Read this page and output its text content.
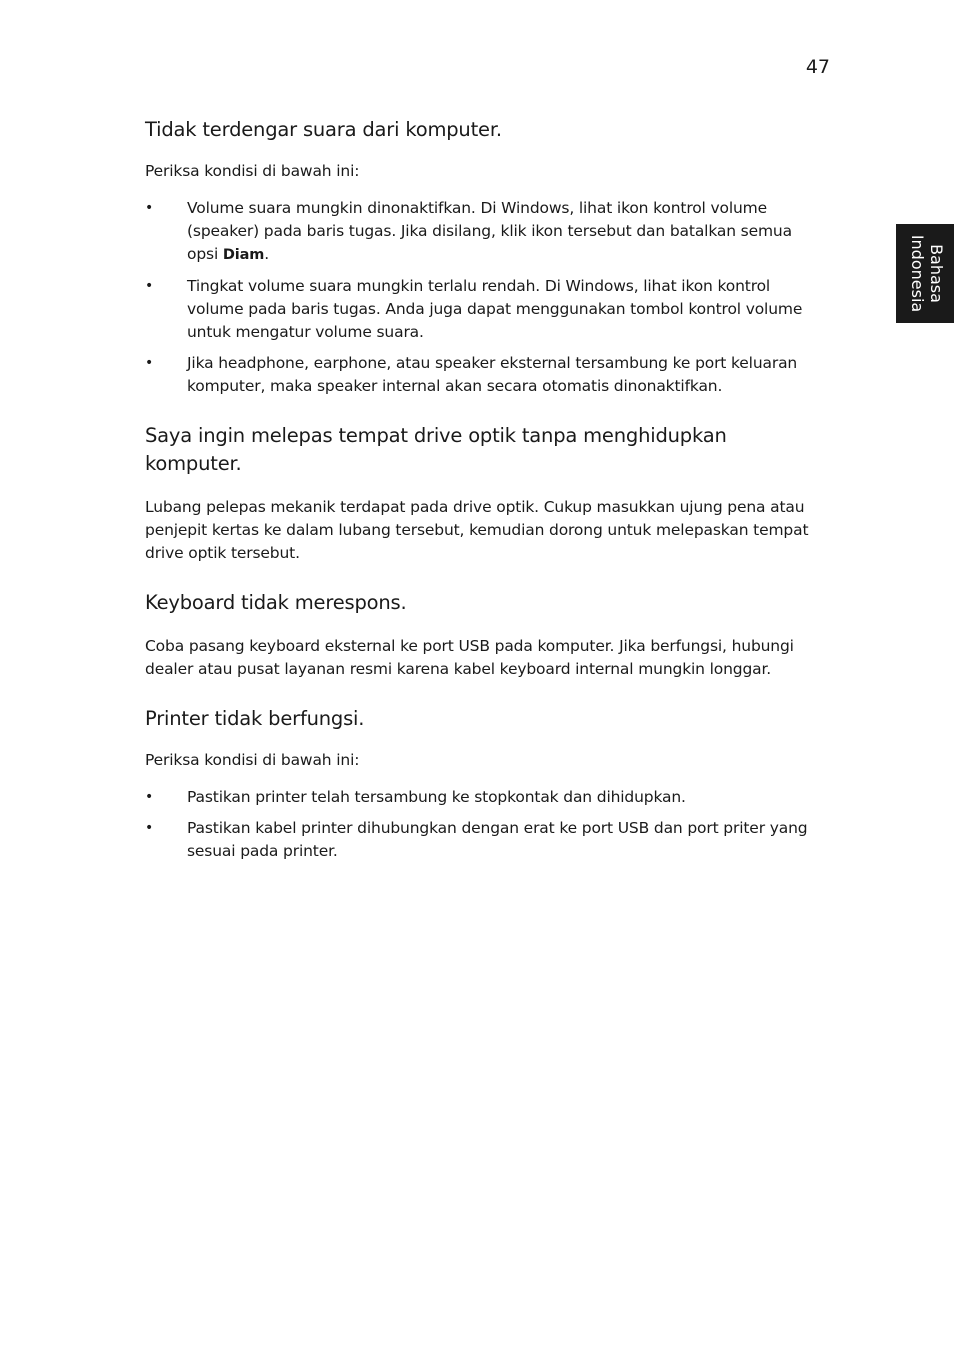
47
Bahasa
Indonesia
Tidak terdengar suara dari komputer.

Periksa kondisi di bawah ini:

• Volume suara mungkin dinonaktifkan. Di Windows, lihat ikon kontrol volume (speaker) pada baris tugas. Jika disilang, klik ikon tersebut dan batalkan semua opsi Diam.
• Tingkat volume suara mungkin terlalu rendah. Di Windows, lihat ikon kontrol volume pada baris tugas. Anda juga dapat menggunakan tombol kontrol volume untuk mengatur volume suara.
• Jika headphone, earphone, atau speaker eksternal tersambung ke port keluaran komputer, maka speaker internal akan secara otomatis dinonaktifkan.
Saya ingin melepas tempat drive optik tanpa menghidupkan komputer.

Lubang pelepas mekanik terdapat pada drive optik. Cukup masukkan ujung pena atau penjepit kertas ke dalam lubang tersebut, kemudian dorong untuk melepaskan tempat drive optik tersebut.

Keyboard tidak merespons.

Coba pasang keyboard eksternal ke port USB pada komputer. Jika berfungsi, hubungi dealer atau pusat layanan resmi karena kabel keyboard internal mungkin longgar.

Printer tidak berfungsi.

Periksa kondisi di bawah ini:

• Pastikan printer telah tersambung ke stopkontak dan dihidupkan.
• Pastikan kabel printer dihubungkan dengan erat ke port USB dan port priter yang sesuai pada printer.
